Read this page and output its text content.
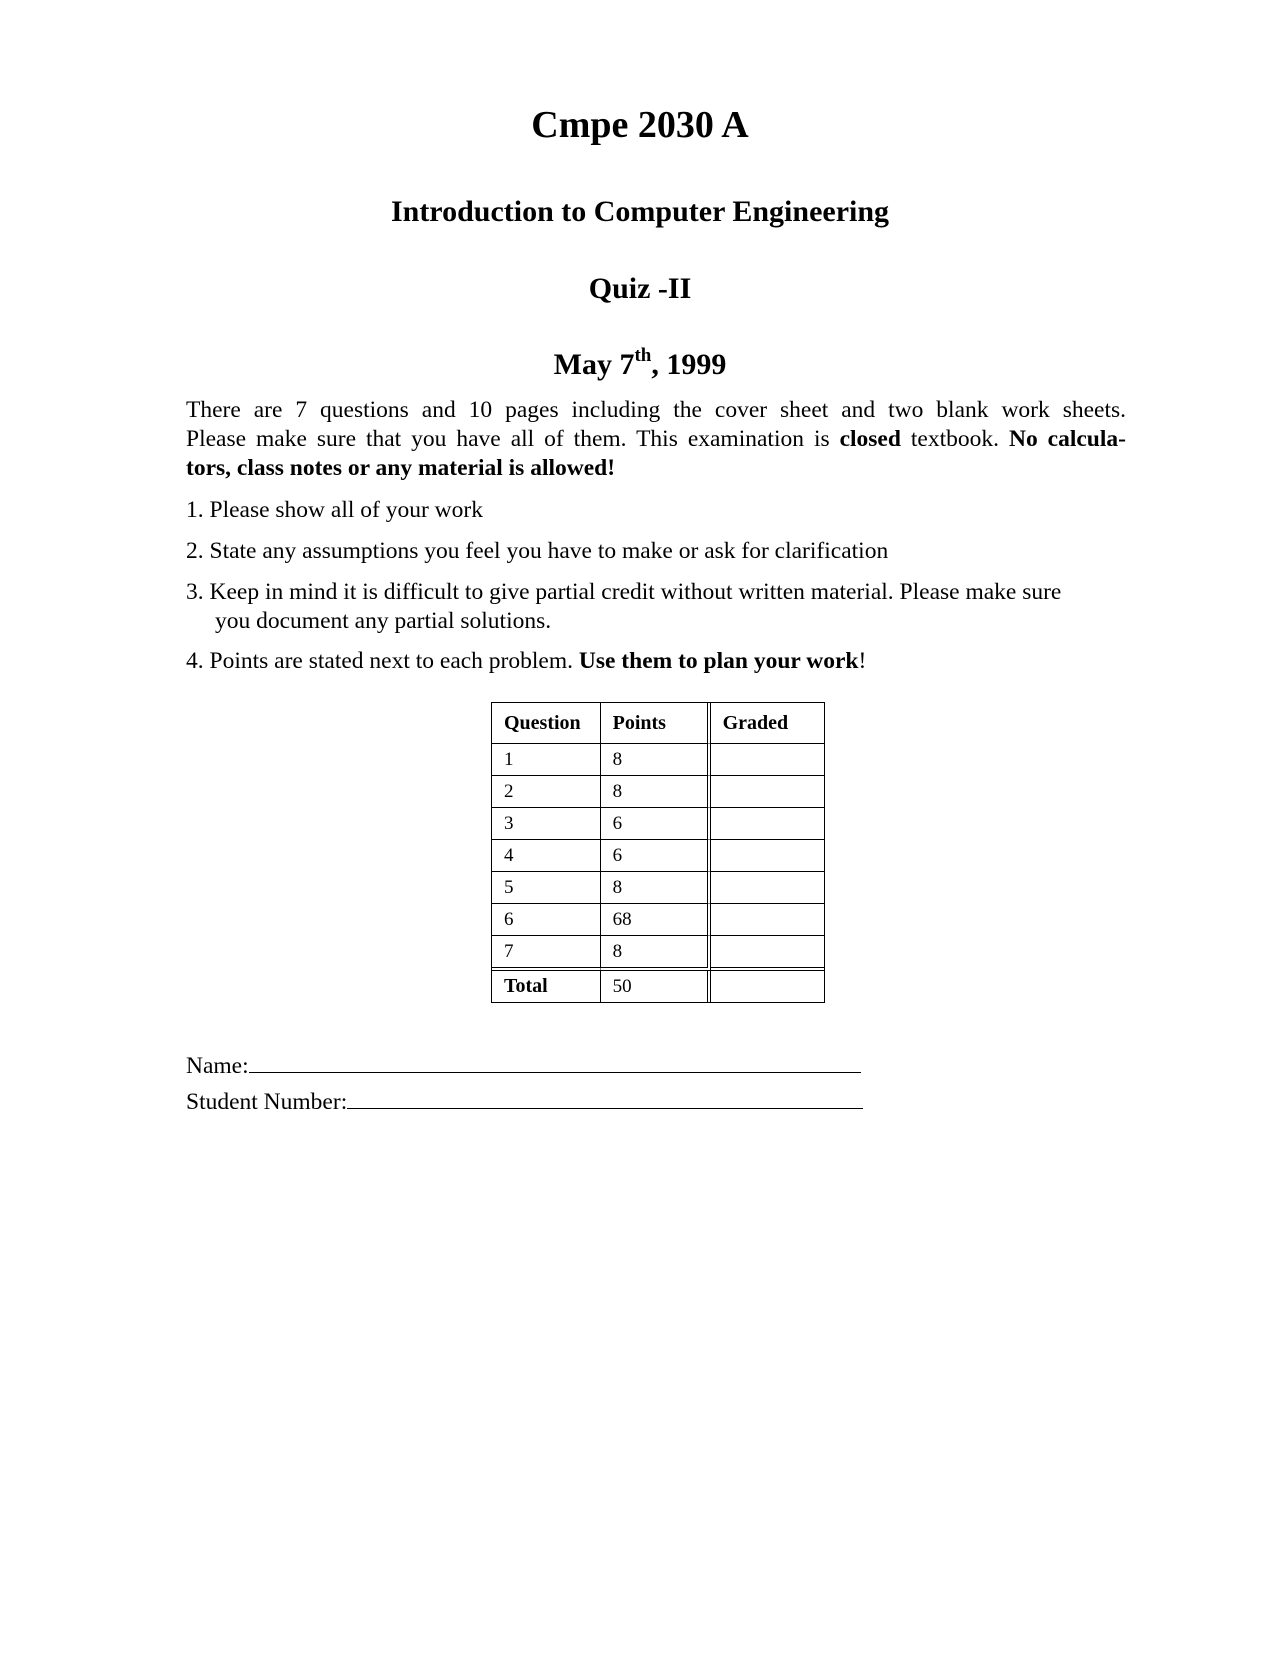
Cmpe 2030 A
Introduction to Computer Engineering
Quiz -II
May 7th, 1999

There are 7 questions and 10 pages including the cover sheet and two blank work sheets.
Please make sure that you have all of them. This examination is closed textbook. No calcula-
tors, class notes or any material is allowed!

1. Please show all of your work
2. State any assumptions you feel you have to make or ask for clarification
3. Keep in mind it is difficult to give partial credit without written material. Please make sure
you document any partial solutions.
4. Points are stated next to each problem. Use them to plan your work!
Question	Points	Graded
1	8	
2	8	
3	6	
4	6	
5	8	
6	68	
7	8	
Total	50	
Name:
Student Number:
